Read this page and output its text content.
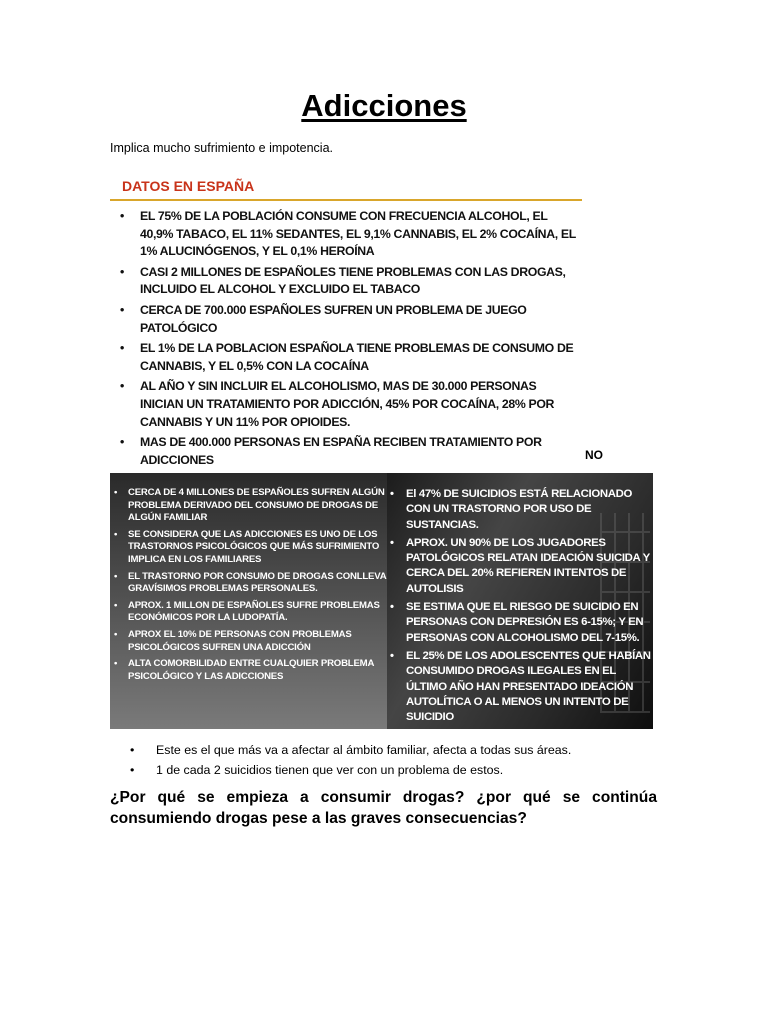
Adicciones
Implica mucho sufrimiento e impotencia.
DATOS EN ESPAÑA
• EL 75% DE LA POBLACIÓN CONSUME CON FRECUENCIA ALCOHOL, EL 40,9% TABACO, EL 11% SEDANTES, EL 9,1% CANNABIS, EL 2% COCAÍNA, EL 1% ALUCINÓGENOS, Y EL 0,1% HEROÍNA
• CASI 2 MILLONES DE ESPAÑOLES TIENE PROBLEMAS CON LAS DROGAS, INCLUIDO EL ALCOHOL Y EXCLUIDO EL TABACO
• CERCA DE 700.000 ESPAÑOLES SUFREN UN PROBLEMA DE JUEGO PATOLÓGICO
• EL 1% DE LA POBLACION ESPAÑOLA TIENE PROBLEMAS DE CONSUMO DE CANNABIS, Y EL 0,5% CON LA COCAÍNA
• AL AÑO Y SIN INCLUIR EL ALCOHOLISMO, MAS DE 30.000 PERSONAS INICIAN UN TRATAMIENTO POR ADICCIÓN, 45% POR COCAÍNA, 28% POR CANNABIS Y UN 11% POR OPIOIDES.
• MAS DE 400.000 PERSONAS EN ESPAÑA RECIBEN TRATAMIENTO POR ADICCIONES	NO
• CERCA DE 4 MILLONES DE ESPAÑOLES SUFREN ALGÚN PROBLEMA DERIVADO DEL CONSUMO DE DROGAS DE ALGÚN FAMILIAR
• SE CONSIDERA QUE LAS ADICCIONES ES UNO DE LOS TRASTORNOS PSICOLÓGICOS QUE MÁS SUFRIMIENTO IMPLICA EN LOS FAMILIARES
• EL TRASTORNO POR CONSUMO DE DROGAS CONLLEVA GRAVÍSIMOS PROBLEMAS PERSONALES.
• APROX. 1 MILLON DE ESPAÑOLES SUFRE PROBLEMAS ECONÓMICOS POR LA LUDOPATÍA.
• APROX EL 10% DE PERSONAS CON PROBLEMAS PSICOLÓGICOS SUFREN UNA ADICCIÓN
• ALTA COMORBILIDAD ENTRE CUALQUIER PROBLEMA PSICOLÓGICO Y LAS ADICCIONES
• El 47% DE SUICIDIOS ESTÁ RELACIONADO CON UN TRASTORNO POR USO DE SUSTANCIAS.
• APROX. UN 90% DE LOS JUGADORES PATOLÓGICOS RELATAN IDEACIÓN SUICIDA Y CERCA DEL 20% REFIEREN INTENTOS DE AUTOLISIS
• SE ESTIMA QUE EL RIESGO DE SUICIDIO EN PERSONAS CON DEPRESIÓN ES 6-15%; Y EN PERSONAS CON ALCOHOLISMO DEL 7-15%.
• EL 25% DE LOS ADOLESCENTES QUE HABÍAN CONSUMIDO DROGAS ILEGALES EN EL ÚLTIMO AÑO HAN PRESENTADO IDEACIÓN AUTOLÍTICA O AL MENOS UN INTENTO DE SUICIDIO
• Este es el que más va a afectar al ámbito familiar, afecta a todas sus áreas.
• 1 de cada 2 suicidios tienen que ver con un problema de estos.
¿Por qué se empieza a consumir drogas? ¿por qué se continúa consumiendo drogas pese a las graves consecuencias?
